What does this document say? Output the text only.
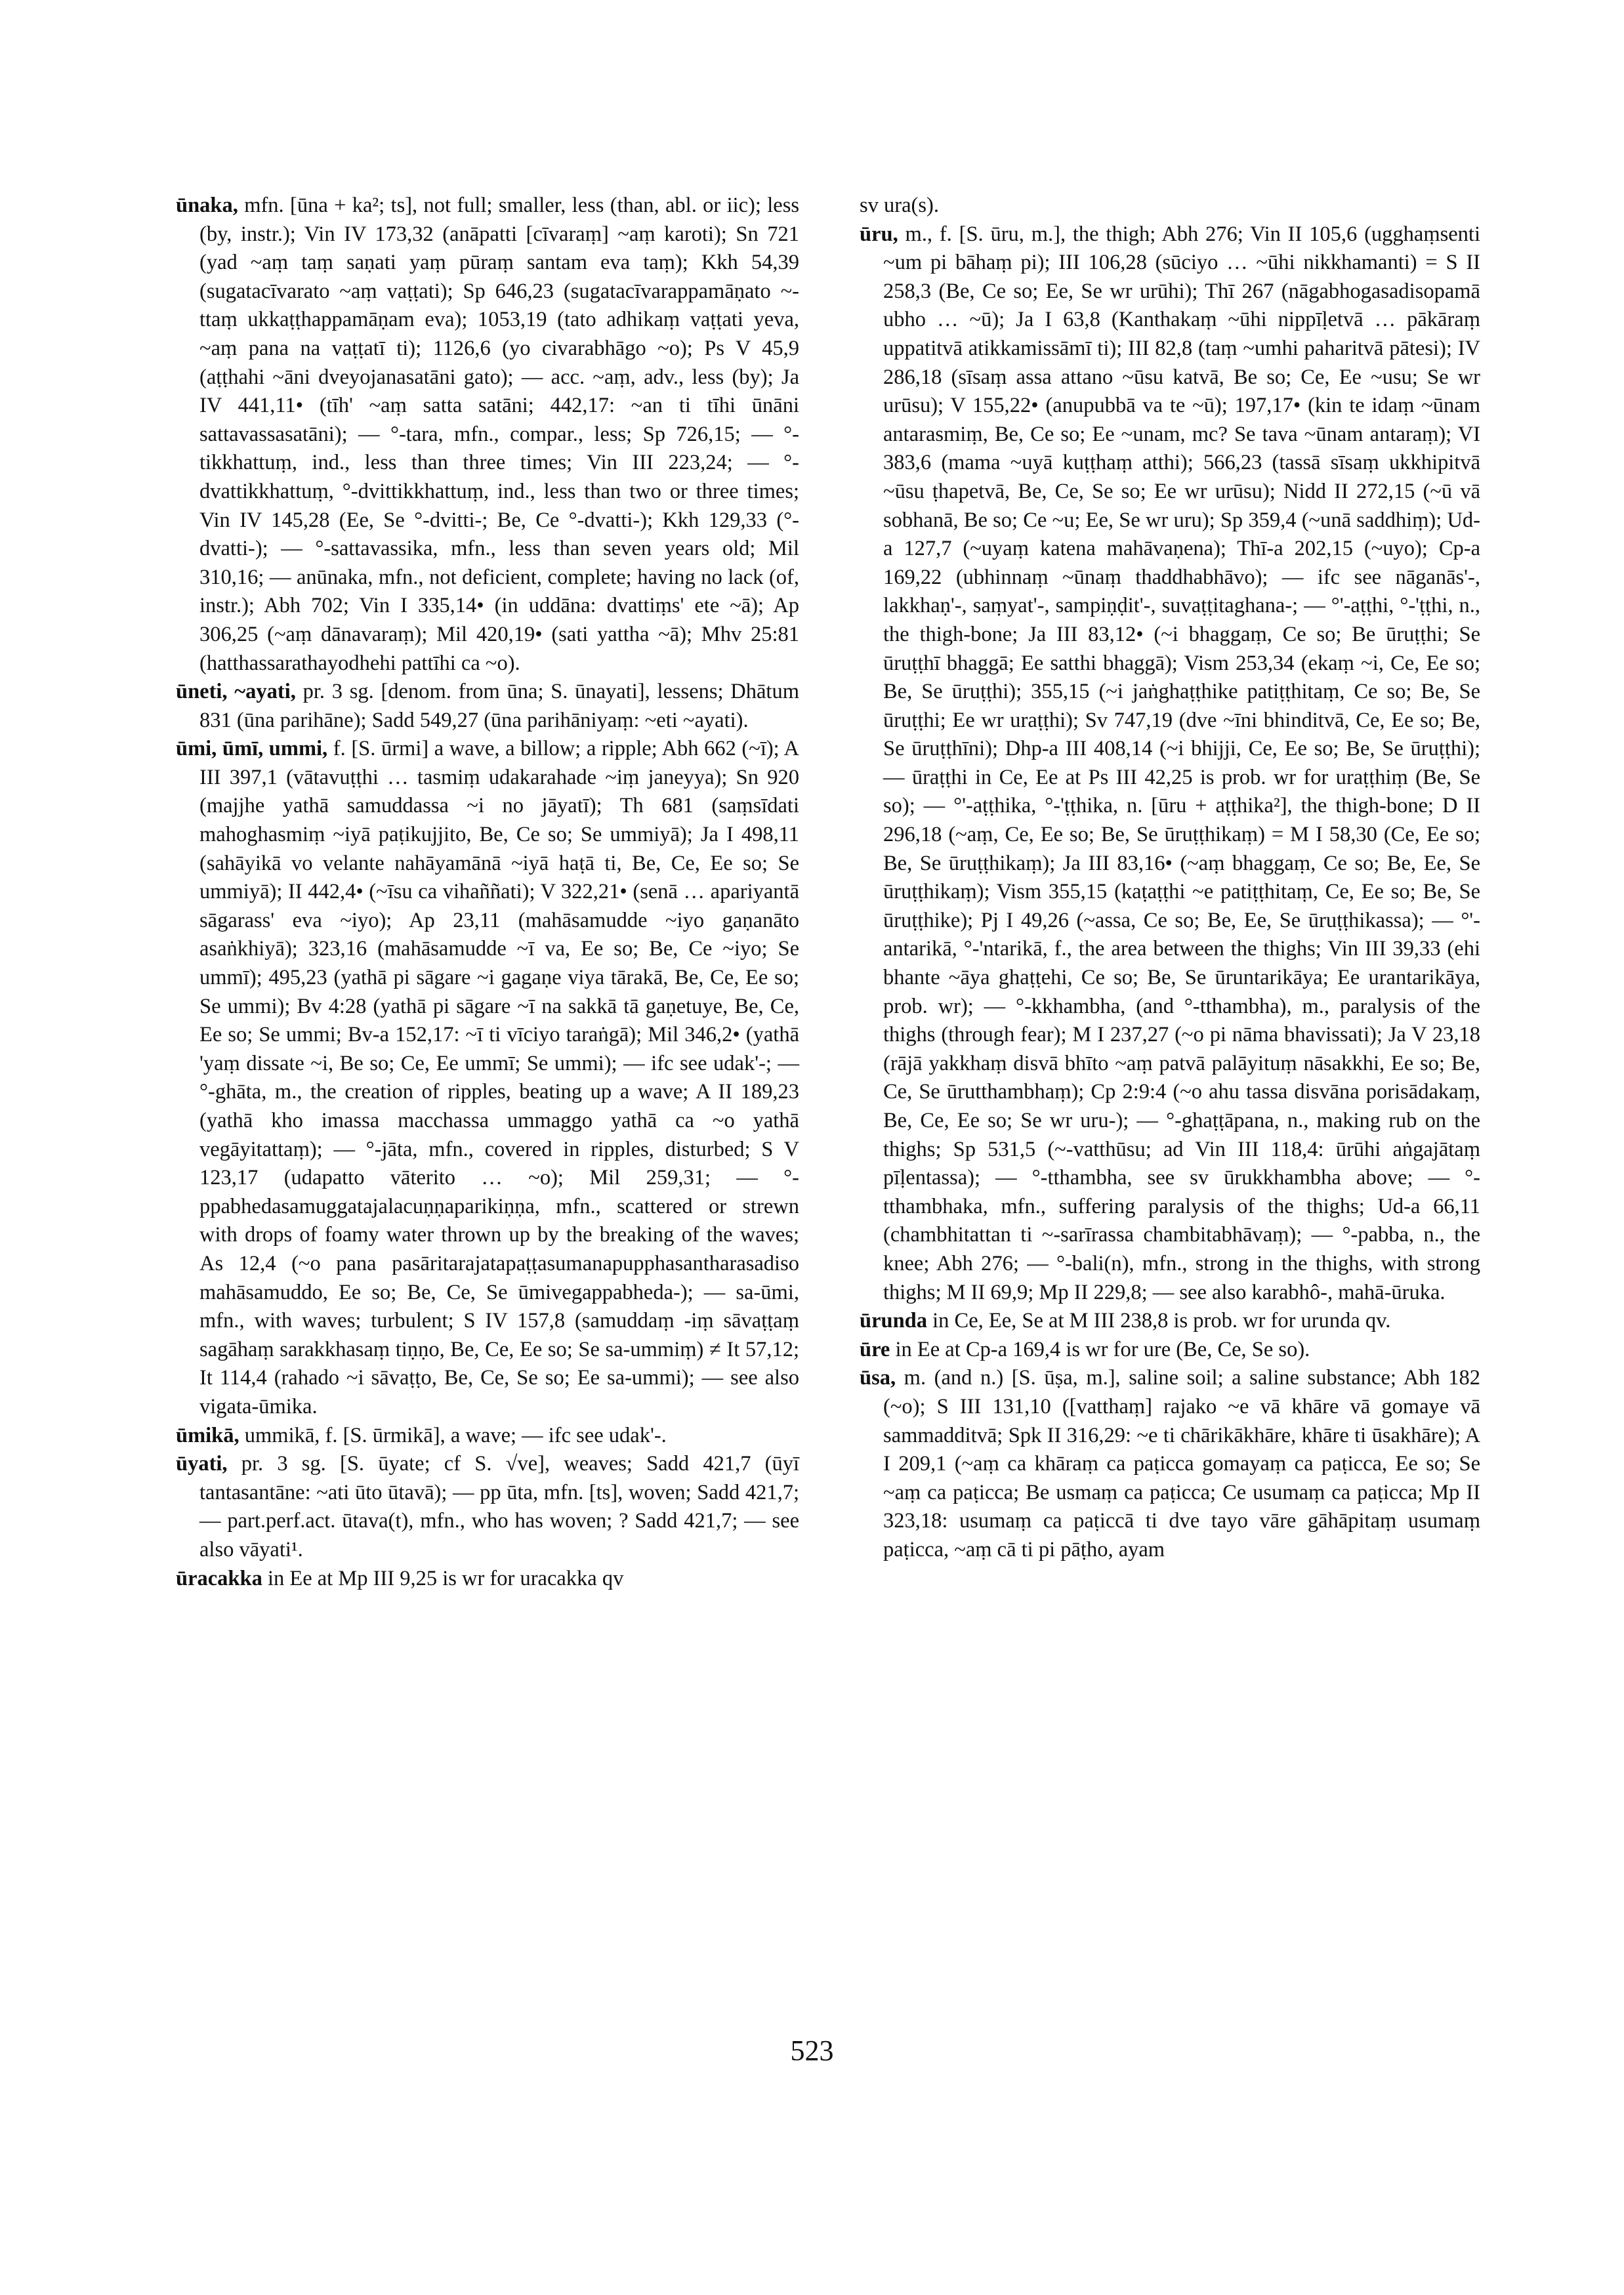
ūnaka, mfn. [ūna + ka²; ts], not full; smaller, less (than, abl. or iic); less (by, instr.); Vin IV 173,32 (anāpatti [cīvaraṃ] ~aṃ karoti); Sn 721 (yad ~aṃ taṃ saṇati yaṃ pūraṃ santam eva taṃ); Kkh 54,39 (sugatacīvarato ~aṃ vaṭṭati); Sp 646,23 (sugatacīvarappamāṇato ~-ttaṃ ukkaṭṭhappamāṇam eva); 1053,19 (tato adhikaṃ vaṭṭati yeva, ~aṃ pana na vaṭṭatī ti); 1126,6 (yo civarabhāgo ~o); Ps V 45,9 (aṭṭhahi ~āni dveyojanasatāni gato); — acc. ~aṃ, adv., less (by); Ja IV 441,11• (tīh' ~aṃ satta satāni; 442,17: ~an ti tīhi ūnāni sattavassasatāni); — °-tara, mfn., compar., less; Sp 726,15; — °-tikkhattuṃ, ind., less than three times; Vin III 223,24; — °-dvattikkhattuṃ, °-dvittikkhattuṃ, ind., less than two or three times; Vin IV 145,28 (Ee, Se °-dvitti-; Be, Ce °-dvatti-); Kkh 129,33 (°-dvatti-); — °-sattavassika, mfn., less than seven years old; Mil 310,16; — anūnaka, mfn., not deficient, complete; having no lack (of, instr.); Abh 702; Vin I 335,14• (in uddāna: dvattiṃs' ete ~ā); Ap 306,25 (~aṃ dānavaraṃ); Mil 420,19• (sati yattha ~ā); Mhv 25:81 (hatthassarathayodhehi pattīhi ca ~o).

ūneti, ~ayati, pr. 3 sg. [denom. from ūna; S. ūnayati], lessens; Dhātum 831 (ūna parihāne); Sadd 549,27 (ūna parihāniyaṃ: ~eti ~ayati).

ūmi, ūmī, ummi, f. [S. ūrmi] a wave, a billow; a ripple; Abh 662 (~ī); A III 397,1 (vātavuṭṭhi … tasmiṃ udakarahade ~iṃ janeyya); Sn 920 (majjhe yathā samuddassa ~i no jāyatī); Th 681 (saṃsīdati mahoghasmiṃ ~iyā paṭikujjito, Be, Ce so; Se ummiyā); Ja I 498,11 (sahāyikā vo velante nahāyamānā ~iyā haṭā ti, Be, Ce, Ee so; Se ummiyā); II 442,4• (~īsu ca vihaññati); V 322,21• (senā … apariyantā sāgarass' eva ~iyo); Ap 23,11 (mahāsamudde ~iyo gaṇanāto asaṅkhiyā); 323,16 (mahāsamudde ~ī va, Ee so; Be, Ce ~iyo; Se ummī); 495,23 (yathā pi sāgare ~i gagaṇe viya tārakā, Be, Ce, Ee so; Se ummi); Bv 4:28 (yathā pi sāgare ~ī na sakkā tā gaṇetuye, Be, Ce, Ee so; Se ummi; Bv-a 152,17: ~ī ti vīciyo taraṅgā); Mil 346,2• (yathā 'yaṃ dissate ~i, Be so; Ce, Ee ummī; Se ummi); — ifc see udak'-; — °-ghāta, m., the creation of ripples, beating up a wave; A II 189,23 (yathā kho imassa macchassa ummaggo yathā ca ~o yathā vegāyitattaṃ); — °-jāta, mfn., covered in ripples, disturbed; S V 123,17 (udapatto vāterito … ~o); Mil 259,31; — °-ppabhedasamuggatajalacuṇṇaparikiṇṇa, mfn., scattered or strewn with drops of foamy water thrown up by the breaking of the waves; As 12,4 (~o pana pasāritarajatapaṭṭasumanapupphasantharasadiso mahāsamuddo, Ee so; Be, Ce, Se ūmivegappabheda-); — sa-ūmi, mfn., with waves; turbulent; S IV 157,8 (samuddaṃ -iṃ sāvaṭṭaṃ sagāhaṃ sarakkhasaṃ tiṇṇo, Be, Ce, Ee so; Se sa-ummiṃ) ≠ It 57,12; It 114,4 (rahado ~i sāvaṭṭo, Be, Ce, Se so; Ee sa-ummi); — see also vigata-ūmika.

ūmikā, ummikā, f. [S. ūrmikā], a wave; — ifc see udak'-.

ūyati, pr. 3 sg. [S. ūyate; cf S. √ve], weaves; Sadd 421,7 (ūyī tantasantāne: ~ati ūto ūtavā); — pp ūta, mfn. [ts], woven; Sadd 421,7; — part.perf.act. ūtava(t), mfn., who has woven; ? Sadd 421,7; — see also vāyati¹.

ūracakka in Ee at Mp III 9,25 is wr for uracakka qv

sv ura(s).

ūru, m., f. [S. ūru, m.], the thigh; Abh 276; Vin II 105,6 (ugghaṃsenti ~um pi bāhaṃ pi); III 106,28 (sūciyo … ~ūhi nikkhamanti) = S II 258,3 (Be, Ce so; Ee, Se wr urūhi); Thī 267 (nāgabhogasadisopamā ubho … ~ū); Ja I 63,8 (Kanthakaṃ ~ūhi nippīḷetvā … pākāraṃ uppatitvā atikkamissāmī ti); III 82,8 (taṃ ~umhi paharitvā pātesi); IV 286,18 (sīsaṃ assa attano ~ūsu katvā, Be so; Ce, Ee ~usu; Se wr urūsu); V 155,22• (anupubbā va te ~ū); 197,17• (kin te idaṃ ~ūnam antarasmiṃ, Be, Ce so; Ee ~unam, mc? Se tava ~ūnam antaraṃ); VI 383,6 (mama ~uyā kuṭṭhaṃ atthi); 566,23 (tassā sīsaṃ ukkhipitvā ~ūsu ṭhapetvā, Be, Ce, Se so; Ee wr urūsu); Nidd II 272,15 (~ū vā sobhanā, Be so; Ce ~u; Ee, Se wr uru); Sp 359,4 (~unā saddhiṃ); Ud-a 127,7 (~uyaṃ katena mahāvaṇena); Thī-a 202,15 (~uyo); Cp-a 169,22 (ubhinnaṃ ~ūnaṃ thaddhabhāvo); — ifc see nāganās'-, lakkhaṇ'-, saṃyat'-, sampiṇḍit'-, suvaṭṭitaghana-; — °'-aṭṭhi, °-'ṭṭhi, n., the thigh-bone; Ja III 83,12• (~i bhaggaṃ, Ce so; Be ūruṭṭhi; Se ūruṭṭhī bhaggā; Ee satthi bhaggā); Vism 253,34 (ekaṃ ~i, Ce, Ee so; Be, Se ūruṭṭhi); 355,15 (~i jaṅghaṭṭhike patiṭṭhitaṃ, Ce so; Be, Se ūruṭṭhi; Ee wr uraṭṭhi); Sv 747,19 (dve ~īni bhinditvā, Ce, Ee so; Be, Se ūruṭṭhīni); Dhp-a III 408,14 (~i bhijji, Ce, Ee so; Be, Se ūruṭṭhi); — ūraṭṭhi in Ce, Ee at Ps III 42,25 is prob. wr for uraṭṭhiṃ (Be, Se so); — °'-aṭṭhika, °-'ṭṭhika, n. [ūru + aṭṭhika²], the thigh-bone; D II 296,18 (~aṃ, Ce, Ee so; Be, Se ūruṭṭhikaṃ) = M I 58,30 (Ce, Ee so; Be, Se ūruṭṭhikaṃ); Ja III 83,16• (~aṃ bhaggaṃ, Ce so; Be, Ee, Se ūruṭṭhikaṃ); Vism 355,15 (kaṭaṭṭhi ~e patiṭṭhitaṃ, Ce, Ee so; Be, Se ūruṭṭhike); Pj I 49,26 (~assa, Ce so; Be, Ee, Se ūruṭṭhikassa); — °'-antarikā, °-'ntarikā, f., the area between the thighs; Vin III 39,33 (ehi bhante ~āya ghaṭṭehi, Ce so; Be, Se ūruntarikāya; Ee urantarikāya, prob. wr); — °-kkhambha, (and °-tthambha), m., paralysis of the thighs (through fear); M I 237,27 (~o pi nāma bhavissati); Ja V 23,18 (rājā yakkhaṃ disvā bhīto ~aṃ patvā palāyituṃ nāsakkhi, Ee so; Be, Ce, Se ūrutthambhaṃ); Cp 2:9:4 (~o ahu tassa disvāna porisādakaṃ, Be, Ce, Ee so; Se wr uru-); — °-ghaṭṭāpana, n., making rub on the thighs; Sp 531,5 (~-vatthūsu; ad Vin III 118,4: ūrūhi aṅgajātaṃ pīḷentassa); — °-tthambha, see sv ūrukkhambha above; — °-tthambhaka, mfn., suffering paralysis of the thighs; Ud-a 66,11 (chambhitattan ti ~-sarīrassa chambitabhāvaṃ); — °-pabba, n., the knee; Abh 276; — °-bali(n), mfn., strong in the thighs, with strong thighs; M II 69,9; Mp II 229,8; — see also karabhô-, mahā-ūruka.

ūrunda in Ce, Ee, Se at M III 238,8 is prob. wr for urunda qv.

ūre in Ee at Cp-a 169,4 is wr for ure (Be, Ce, Se so).

ūsa, m. (and n.) [S. ūṣa, m.], saline soil; a saline substance; Abh 182 (~o); S III 131,10 ([vatthaṃ] rajako ~e vā khāre vā gomaye vā sammadditvā; Spk II 316,29: ~e ti chārikākhāre, khāre ti ūsakhāre); A I 209,1 (~aṃ ca khāraṃ ca paṭicca gomayaṃ ca paṭicca, Ee so; Se ~aṃ ca paṭicca; Be usmaṃ ca paṭicca; Ce usumaṃ ca paṭicca; Mp II 323,18: usumaṃ ca paṭiccā ti dve tayo vāre gāhāpitaṃ usumaṃ paṭicca, ~aṃ cā ti pi pāṭho, ayam

523
